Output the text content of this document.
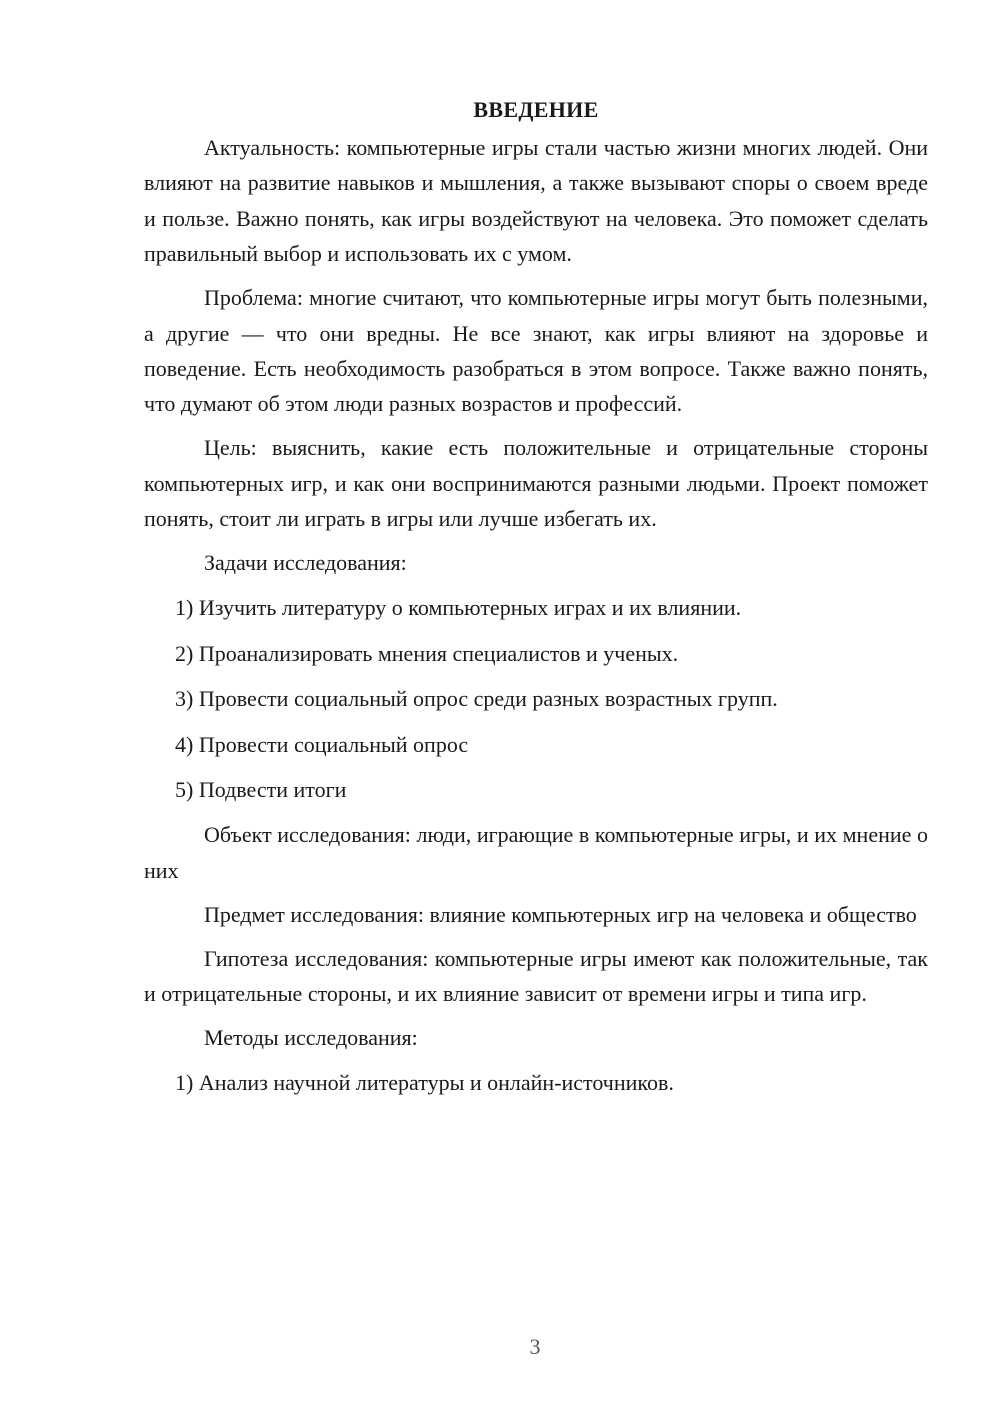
ВВЕДЕНИЕ

Актуальность: компьютерные игры стали частью жизни многих людей. Они влияют на развитие навыков и мышления, а также вызывают споры о своем вреде и пользе. Важно понять, как игры воздействуют на человека. Это поможет сделать правильный выбор и использовать их с умом.

Проблема: многие считают, что компьютерные игры могут быть полезными, а другие — что они вредны. Не все знают, как игры влияют на здоровье и поведение. Есть необходимость разобраться в этом вопросе. Также важно понять, что думают об этом люди разных возрастов и профессий.

Цель: выяснить, какие есть положительные и отрицательные стороны компьютерных игр, и как они воспринимаются разными людьми. Проект поможет понять, стоит ли играть в игры или лучше избегать их.

Задачи исследования:

1) Изучить литературу о компьютерных играх и их влиянии.
2) Проанализировать мнения специалистов и ученых.
3) Провести социальный опрос среди разных возрастных групп.
4) Провести социальный опрос
5) Подвести итоги

Объект исследования: люди, играющие в компьютерные игры, и их мнение о них

Предмет исследования: влияние компьютерных игр на человека и общество

Гипотеза исследования: компьютерные игры имеют как положительные, так и отрицательные стороны, и их влияние зависит от времени игры и типа игр.

Методы исследования:

1) Анализ научной литературы и онлайн-источников.
3
